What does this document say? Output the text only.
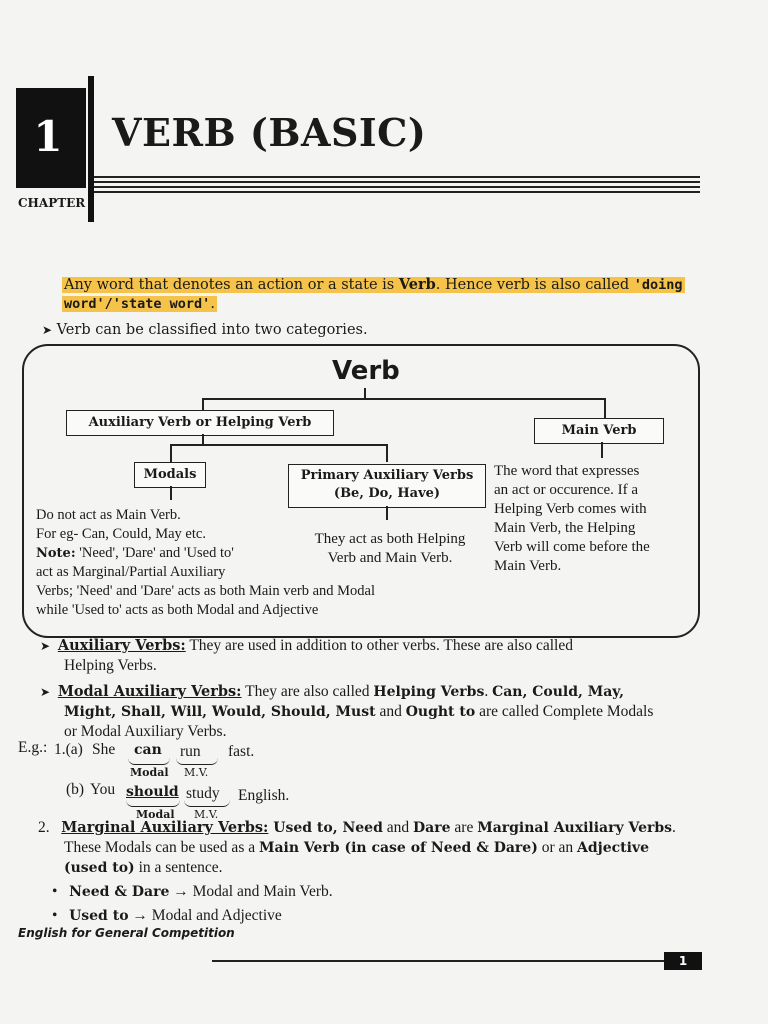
1
CHAPTER
VERB (BASIC)
Any word that denotes an action or a state is Verb. Hence verb is also called 'doing
word'/'state word'.
➤ Verb can be classified into two categories.
Verb
Auxiliary Verb or Helping Verb
Main Verb
Modals	Primary Auxiliary Verbs
(Be, Do, Have)
The word that expresses
an act or occurence. If a
Helping Verb comes with
Main Verb, the Helping
Verb will come before the
Main Verb.
They act as both Helping
Verb and Main Verb.
Do not act as Main Verb.
For eg- Can, Could, May etc.
Note: 'Need', 'Dare' and 'Used to'
act as Marginal/Partial Auxiliary
Verbs; 'Need' and 'Dare' acts as both Main verb and Modal
while 'Used to' acts as both Modal and Adjective
➤ Auxiliary Verbs: They are used in addition to other verbs. These are also called
Helping Verbs.
➤ Modal Auxiliary Verbs: They are also called Helping Verbs. Can, Could, May,
Might, Shall, Will, Would, Should, Must and Ought to are called Complete Modals
or Modal Auxiliary Verbs.
E.g.: 1.(a) She can run fast.
Modal M.V.
(b) You should study English.
Modal M.V.
2. Marginal Auxiliary Verbs: Used to, Need and Dare are Marginal Auxiliary Verbs.
These Modals can be used as a Main Verb (in case of Need & Dare) or an Adjective
(used to) in a sentence.
• Need & Dare → Modal and Main Verb.
• Used to → Modal and Adjective
English for General Competition
1
